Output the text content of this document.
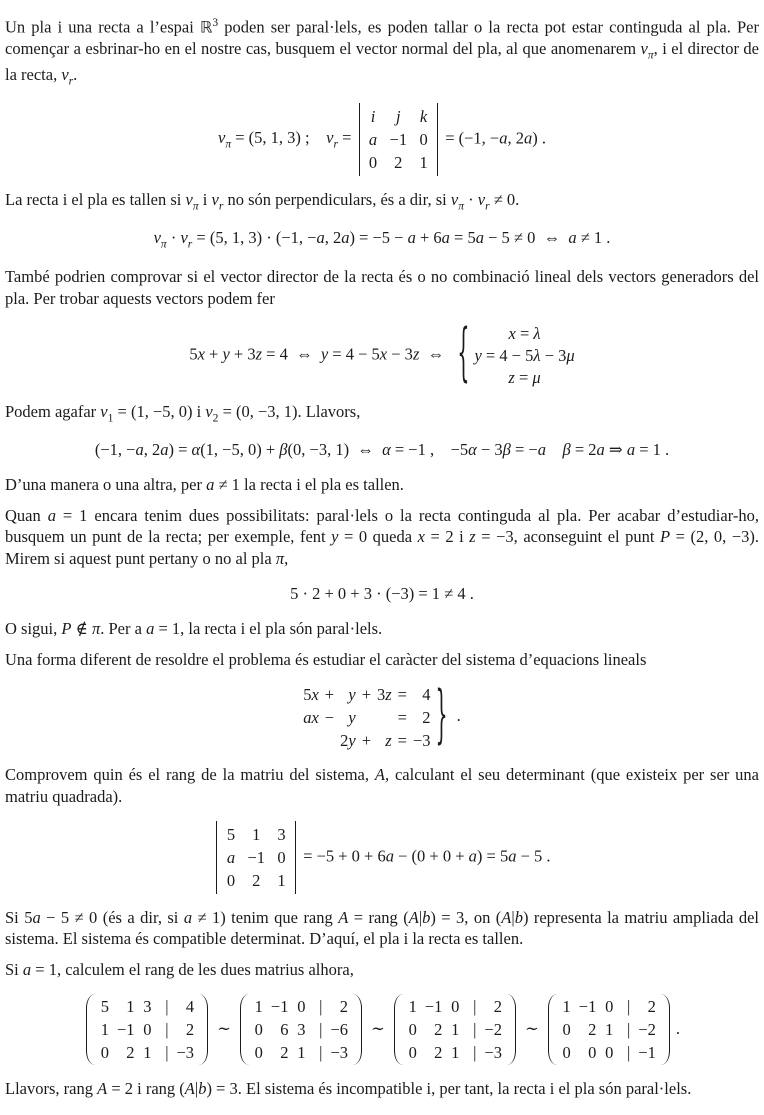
Un pla i una recta a l’espai ℝ$^3$ poden ser paral·lels, es poden tallar o la recta pot estar continguda al pla. Per començar a esbrinar-ho en el nostre cas, busquem el vector normal del pla, al que anomenarem $v_\pi$, i el director de la recta, $v_r$.

$v_\pi = (5$, 1, 3) ; $v_r$ =
i	j	k
a −1 0
0 2 1
= (−1, −a, 2a) .

La recta i el pla es tallen si $v_\pi$ i $v_r$ no són perpendiculars, és a dir, si $v_\pi \cdot v_r \ne 0$.

$v_\pi \cdot v_r = (5$, 1, 3) · (−1, −a, 2a) = −5 − a + 6a = 5a − 5 ≠ 0 ⇔ a ≠ 1 .

També podrien comprovar si el vector director de la recta és o no combinació lineal dels vectors generadors del pla. Per trobar aquests vectors podem fer

5x + y + 3z = 4 ⇔ y = 4 − 5x − 3z ⇔  { x = λ
y = 4 − 5λ − 3μ
z = μ

Podem agafar $v_1 = (1$, −5, 0) i $v_2 = (0$, −3, 1). Llavors,

(−1, −a, 2a) = α(1, −5, 0) + β(0, −3, 1) ⇔ α = −1 , −5α − 3β = −a  β = 2a ⇒ a = 1 .

D’una manera o una altra, per a ≠ 1 la recta i el pla es tallen.

Quan a = 1 encara tenim dues possibilitats: paral·lels o la recta continguda al pla. Per acabar d’estudiar-ho, busquem un punt de la recta; per exemple, fent y = 0 queda x = 2 i z = −3, aconseguint el punt P = (2, 0, −3). Mirem si aquest punt pertany o no al pla π,

5 · 2 + 0 + 3 · (−3) = 1 ≠ 4 .

O sigui, P ∉ π. Per a a = 1, la recta i el pla són paral·lels.

Una forma diferent de resoldre el problema és estudiar el caràcter del sistema d’equacions lineals

5x + y + 3z = 4
ax − y	= 2
2y + z = −3 } .

Comprovem quin és el rang de la matriu del sistema, A, calculant el seu determinant (que existeix per ser una matriu quadrada).

5 1 3
a −1 0
0 2 1
= −5 + 0 + 6a − (0 + 0 + a) = 5a − 5 .

Si 5a − 5 ≠ 0 (és a dir, si a ≠ 1) tenim que rang A = rang (A|b) = 3, on (A|b) representa la matriu ampliada del sistema. El sistema és compatible determinat. D’aquí, el pla i la recta es tallen.

Si a = 1, calculem el rang de les dues matrius alhora,

5	1 3 |	4
1 −1 0 |	2
0	2 1 | −3
∼
1 −1 0 |	2
0	6 3 | −6
0	2 1 | −3
∼
1 −1 0 |	2
0	2 1 | −2
0	2 1 | −3
∼
1 −1 0 |	2
0	2 1 | −2
0	0 0 | −1
.

Llavors, rang A = 2 i rang (A|b) = 3. El sistema és incompatible i, per tant, la recta i el pla són paral·lels.
